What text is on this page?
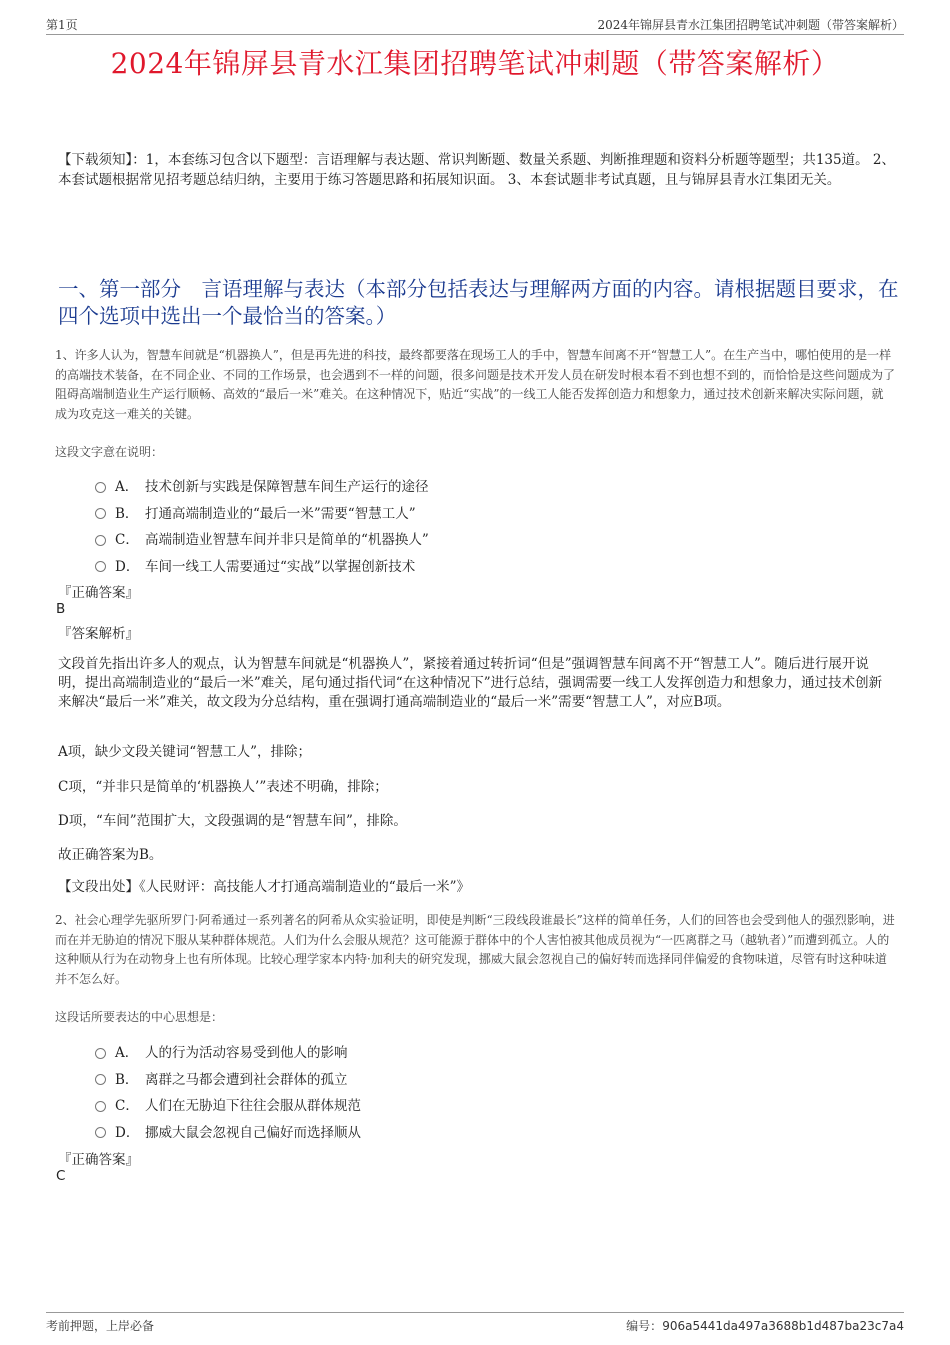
第1页	2024年锦屏县青水江集团招聘笔试冲刺题（带答案解析）
2024年锦屏县青水江集团招聘笔试冲刺题（带答案解析）
【下载须知】：1，本套练习包含以下题型：言语理解与表达题、常识判断题、数量关系题、判断推理题和资料分析题等题型；共135道。 2、本套试题根据常见招考题总结归纳，主要用于练习答题思路和拓展知识面。 3、本套试题非考试真题，且与锦屏县青水江集团无关。
一、第一部分　言语理解与表达（本部分包括表达与理解两方面的内容。请根据题目要求，在四个选项中选出一个最恰当的答案。）
1、许多人认为，智慧车间就是“机器换人”，但是再先进的科技，最终都要落在现场工人的手中，智慧车间离不开“智慧工人”。在生产当中，哪怕使用的是一样的高端技术装备，在不同企业、不同的工作场景，也会遇到不一样的问题，很多问题是技术开发人员在研发时根本看不到也想不到的，而恰恰是这些问题成为了阻碍高端制造业生产运行顺畅、高效的“最后一米”难关。在这种情况下，贴近“实战”的一线工人能否发挥创造力和想象力，通过技术创新来解决实际问题，就成为攻克这一难关的关键。
这段文字意在说明：
A． 技术创新与实践是保障智慧车间生产运行的途径
B． 打通高端制造业的“最后一米”需要“智慧工人”
C． 高端制造业智慧车间并非只是简单的“机器换人”
D． 车间一线工人需要通过“实战”以掌握创新技术
『正确答案』
B
『答案解析』
文段首先指出许多人的观点，认为智慧车间就是“机器换人”，紧接着通过转折词“但是”强调智慧车间离不开“智慧工人”。随后进行展开说明，提出高端制造业的“最后一米”难关，尾句通过指代词“在这种情况下”进行总结，强调需要一线工人发挥创造力和想象力，通过技术创新来解决“最后一米”难关，故文段为分总结构，重在强调打通高端制造业的“最后一米”需要“智慧工人”，对应B项。
A项，缺少文段关键词“智慧工人”，排除；
C项，“并非只是简单的‘机器换人’”表述不明确，排除；
D项，“车间”范围扩大，文段强调的是“智慧车间”，排除。
故正确答案为B。
【文段出处】《人民财评：高技能人才打通高端制造业的“最后一米”》
2、社会心理学先驱所罗门·阿希通过一系列著名的阿希从众实验证明，即使是判断“三段线段谁最长”这样的简单任务，人们的回答也会受到他人的强烈影响，进而在并无胁迫的情况下服从某种群体规范。人们为什么会服从规范？这可能源于群体中的个人害怕被其他成员视为“一匹离群之马（越轨者）”而遭到孤立。人的这种顺从行为在动物身上也有所体现。比较心理学家本内特·加利夫的研究发现，挪威大鼠会忽视自己的偏好转而选择同伴偏爱的食物味道，尽管有时这种味道并不怎么好。
这段话所要表达的中心思想是：
A． 人的行为活动容易受到他人的影响
B． 离群之马都会遭到社会群体的孤立
C． 人们在无胁迫下往往会服从群体规范
D． 挪威大鼠会忽视自己偏好而选择顺从
『正确答案』
C
考前押题，上岸必备	编号：906a5441da497a3688b1d487ba23c7a4
